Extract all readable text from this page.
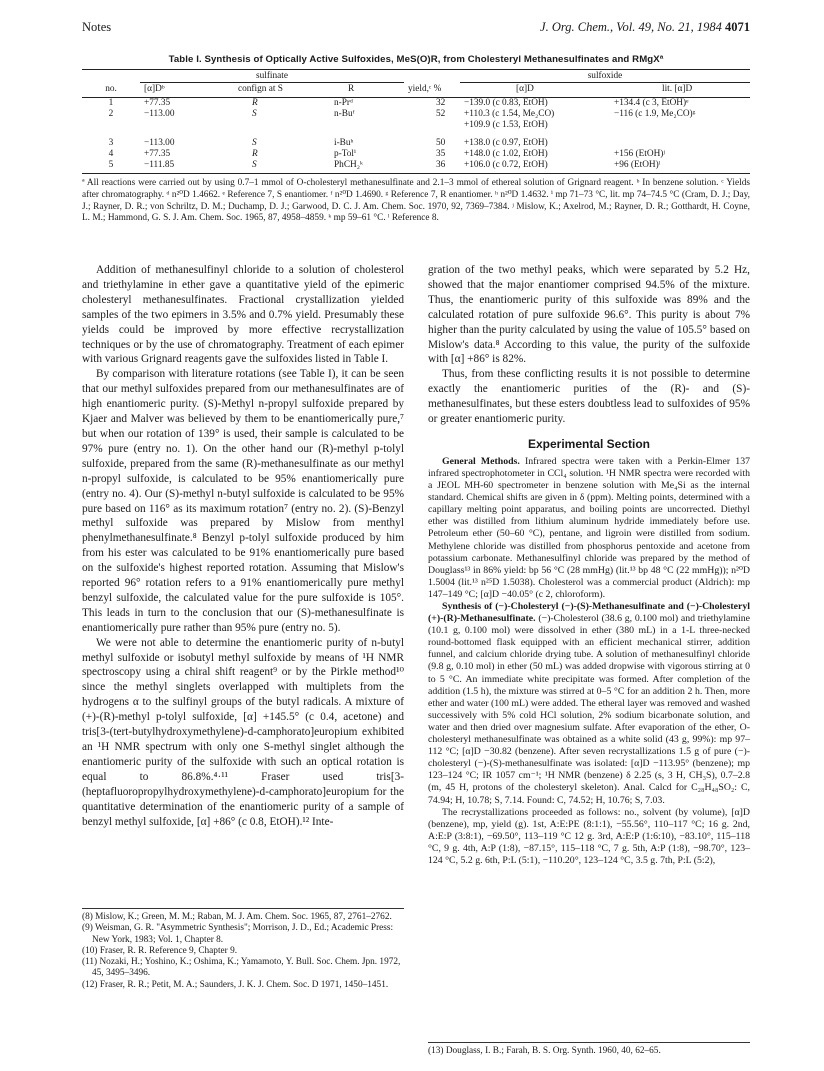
Notes	J. Org. Chem., Vol. 49, No. 21, 1984 4071
Table I. Synthesis of Optically Active Sulfoxides, MeS(O)R, from Cholesteryl Methanesulfinates and RMgXª
	sulfinate				sulfoxide	
no.	[α]Dᵇ	confign at S	R	yield,ᶜ %	[α]D	lit. [α]D
1	+77.35	R	n-Prᵈ	32	−139.0 (c 0.83, EtOH)	+134.4 (c 3, EtOH)ᵉ
2	−113.00	S	n-Buᶠ	52	+110.3 (c 1.54, Me₂CO)	−116 (c 1.9, Me₂CO)ᵍ
					+109.9 (c 1.53, EtOH)	
3	−113.00	S	i-Buʰ	50	+138.0 (c 0.97, EtOH)	
4	+77.35	R	p-Tolⁱ	35	+148.0 (c 1.02, EtOH)	+156 (EtOH)ʲ
5	−111.85	S	PhCH₂ᵏ	36	+106.0 (c 0.72, EtOH)	+96 (EtOH)ˡ
ª All reactions were carried out by using 0.7–1 mmol of O-cholesteryl methanesulfinate and 2.1–3 mmol of ethereal solution of Grignard reagent. ᵇ In benzene solution. ᶜ Yields after chromatography. ᵈ n²⁰D 1.4662. ᵉ Reference 7, S enantiomer. ᶠ n²⁰D 1.4690. ᵍ Reference 7, R enantiomer. ʰ n²⁰D 1.4632. ⁱ mp 71–73 °C, lit. mp 74–74.5 °C (Cram, D. J.; Day, J.; Rayner, D. R.; von Schriltz, D. M.; Duchamp, D. J.; Garwood, D. C. J. Am. Chem. Soc. 1970, 92, 7369–7384. ʲ Mislow, K.; Axelrod, M.; Rayner, D. R.; Gotthardt, H. Coyne, L. M.; Hammond, G. S. J. Am. Chem. Soc. 1965, 87, 4958–4859. ᵏ mp 59–61 °C. ˡ Reference 8.

Addition of methanesulfinyl chloride to a solution of cholesterol and triethylamine in ether gave a quantitative yield of the epimeric cholesteryl methanesulfinates. Fractional crystallization yielded samples of the two epimers in 3.5% and 0.7% yield. Presumably these yields could be improved by more effective recrystallization techniques or by the use of chromatography. Treatment of each epimer with various Grignard reagents gave the sulfoxides listed in Table I.

By comparison with literature rotations (see Table I), it can be seen that our methyl sulfoxides prepared from our methanesulfinates are of high enantiomeric purity. (S)-Methyl n-propyl sulfoxide prepared by Kjaer and Malver was believed by them to be enantiomerically pure,⁷ but when our rotation of 139° is used, their sample is calculated to be 97% pure (entry no. 1). On the other hand our (R)-methyl p-tolyl sulfoxide, prepared from the same (R)-methanesulfinate as our methyl n-propyl sulfoxide, is calculated to be 95% enantiomerically pure (entry no. 4). Our (S)-methyl n-butyl sulfoxide is calculated to be 95% pure based on 116° as its maximum rotation⁷ (entry no. 2). (S)-Benzyl methyl sulfoxide was prepared by Mislow from menthyl phenylmethanesulfinate.⁸ Benzyl p-tolyl sulfoxide produced by him from his ester was calculated to be 91% enantiomerically pure based on the sulfoxide's highest reported rotation. Assuming that Mislow's reported 96° rotation refers to a 91% enantiomerically pure methyl benzyl sulfoxide, the calculated value for the pure sulfoxide is 105°. This leads in turn to the conclusion that our (S)-methanesulfinate is enantiomerically pure rather than 95% pure (entry no. 5).

We were not able to determine the enantiomeric purity of n-butyl methyl sulfoxide or isobutyl methyl sulfoxide by means of ¹H NMR spectroscopy using a chiral shift reagent⁹ or by the Pirkle method¹⁰ since the methyl singlets overlapped with multiplets from the hydrogens α to the sulfinyl groups of the butyl radicals. A mixture of (+)-(R)-methyl p-tolyl sulfoxide, [α] +145.5° (c 0.4, acetone) and tris[3-(tert-butylhydroxymethylene)-d-camphorato]europium exhibited an ¹H NMR spectrum with only one S-methyl singlet although the enantiomeric purity of the sulfoxide with such an optical rotation is equal to 86.8%.⁴·¹¹ Fraser used tris[3-(heptafluoropropylhydroxymethylene)-d-camphorato]europium for the quantitative determination of the enantiomeric purity of a sample of benzyl methyl sulfoxide, [α] +86° (c 0.8, EtOH).¹² Inte-

gration of the two methyl peaks, which were separated by 5.2 Hz, showed that the major enantiomer comprised 94.5% of the mixture. Thus, the enantiomeric purity of this sulfoxide was 89% and the calculated rotation of pure sulfoxide 96.6°. This purity is about 7% higher than the purity calculated by using the value of 105.5° based on Mislow's data.⁸ According to this value, the purity of the sulfoxide with [α] +86° is 82%.

Thus, from these conflicting results it is not possible to determine exactly the enantiomeric purities of the (R)- and (S)-methanesulfinates, but these esters doubtless lead to sulfoxides of 95% or greater enantiomeric purity.

Experimental Section

General Methods. Infrared spectra were taken with a Perkin-Elmer 137 infrared spectrophotometer in CCl₄ solution. ¹H NMR spectra were recorded with a JEOL MH-60 spectrometer in benzene solution with Me₄Si as the internal standard. Chemical shifts are given in δ (ppm). Melting points, determined with a capillary melting point apparatus, and boiling points are uncorrected. Diethyl ether was distilled from lithium aluminum hydride immediately before use. Petroleum ether (50–60 °C), pentane, and ligroin were distilled from sodium. Methylene chloride was distilled from phosphorus pentoxide and acetone from potassium carbonate. Methanesulfinyl chloride was prepared by the method of Douglass¹³ in 86% yield: bp 56 °C (28 mmHg) (lit.¹³ bp 48 °C (22 mmHg)); n²⁰D 1.5004 (lit.¹³ n²⁵D 1.5038). Cholesterol was a commercial product (Aldrich): mp 147–149 °C; [α]D −40.05° (c 2, chloroform).

Synthesis of (−)-Cholesteryl (−)-(S)-Methanesulfinate and (−)-Cholesteryl (+)-(R)-Methanesulfinate. (−)-Cholesterol (38.6 g, 0.100 mol) and triethylamine (10.1 g, 0.100 mol) were dissolved in ether (380 mL) in a 1-L three-necked round-bottomed flask equipped with an efficient mechanical stirrer, addition funnel, and calcium chloride drying tube. A solution of methanesulfinyl chloride (9.8 g, 0.10 mol) in ether (50 mL) was added dropwise with vigorous stirring at 0 to 5 °C. An immediate white precipitate was formed. After completion of the addition (1.5 h), the mixture was stirred at 0–5 °C for an addition 2 h. Then, more ether and water (100 mL) were added. The etheral layer was removed and washed successively with 5% cold HCl solution, 2% sodium bicarbonate solution, and water and then dried over magnesium sulfate. After evaporation of the ether, O-cholesteryl methanesulfinate was obtained as a white solid (43 g, 99%): mp 97–112 °C; [α]D −30.82 (benzene). After seven recrystallizations 1.5 g of pure (−)-cholesteryl (−)-(S)-methanesulfinate was isolated: [α]D −113.95° (benzene); mp 123–124 °C; IR 1057 cm⁻¹; ¹H NMR (benzene) δ 2.25 (s, 3 H, CH₃S), 0.7–2.8 (m, 45 H, protons of the cholesteryl skeleton). Anal. Calcd for C₂₈H₄₈SO₂: C, 74.94; H, 10.78; S, 7.14. Found: C, 74.52; H, 10.76; S, 7.03.

The recrystallizations proceeded as follows: no., solvent (by volume), [α]D (benzene), mp, yield (g). 1st, A:E:PE (8:1:1), −55.56°, 110–117 °C; 16 g. 2nd, A:E:P (3:8:1), −69.50°, 113–119 °C 12 g. 3rd, A:E:P (1:6:10), −83.10°, 115–118 °C, 9 g. 4th, A:P (1:8), −87.15°, 115–118 °C, 7 g. 5th, A:P (1:8), −98.70°, 123–124 °C, 5.2 g. 6th, P:L (5:1), −110.20°, 123–124 °C, 3.5 g. 7th, P:L (5:2),

(8) Mislow, K.; Green, M. M.; Raban, M. J. Am. Chem. Soc. 1965, 87, 2761–2762.

(9) Weisman, G. R. "Asymmetric Synthesis"; Morrison, J. D., Ed.; Academic Press: New York, 1983; Vol. 1, Chapter 8.

(10) Fraser, R. R. Reference 9, Chapter 9.

(11) Nozaki, H.; Yoshino, K.; Oshima, K.; Yamamoto, Y. Bull. Soc. Chem. Jpn. 1972, 45, 3495–3496.

(12) Fraser, R. R.; Petit, M. A.; Saunders, J. K. J. Chem. Soc. D 1971, 1450–1451.

(13) Douglass, I. B.; Farah, B. S. Org. Synth. 1960, 40, 62–65.
